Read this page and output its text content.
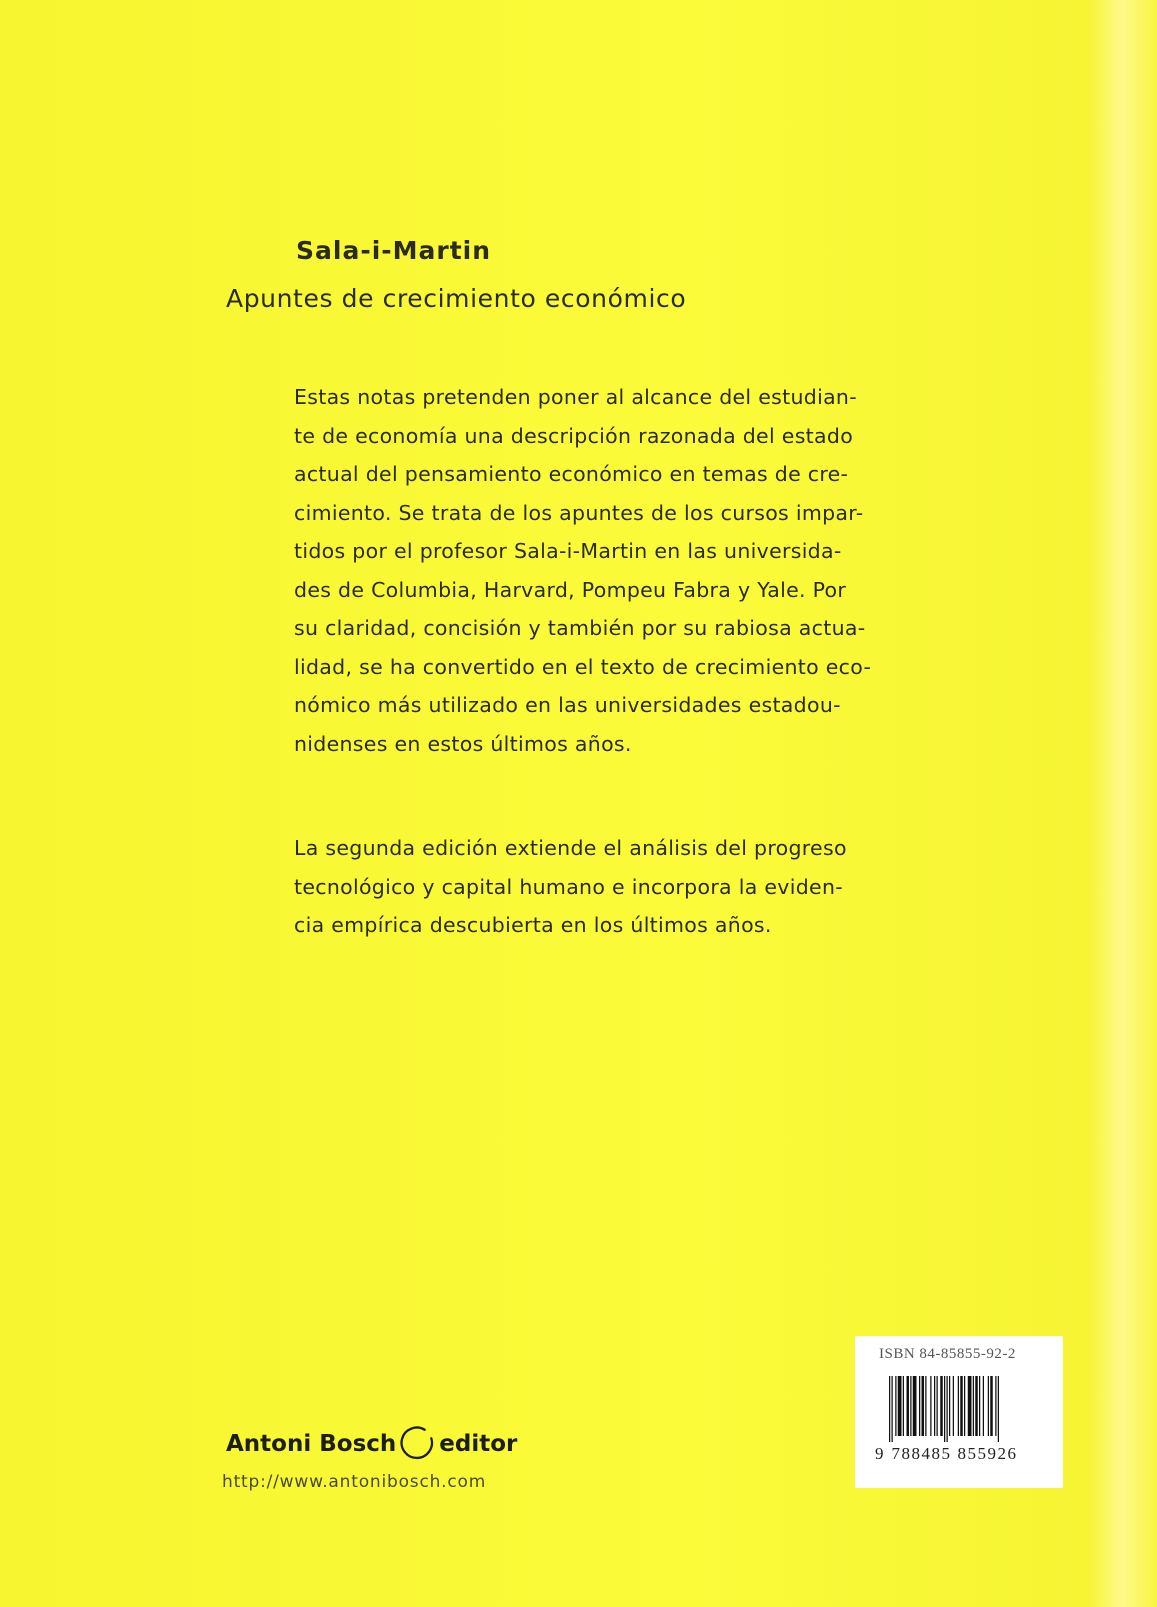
Sala-i-Martin
Apuntes de crecimiento económico
Estas notas pretenden poner al alcance del estudian-
te de economía una descripción razonada del estado
actual del pensamiento económico en temas de cre-
cimiento. Se trata de los apuntes de los cursos impar-
tidos por el profesor Sala-i-Martin en las universida-
des de Columbia, Harvard, Pompeu Fabra y Yale. Por
su claridad, concisión y también por su rabiosa actua-
lidad, se ha convertido en el texto de crecimiento eco-
nómico más utilizado en las universidades estadou-
nidenses en estos últimos años.
La segunda edición extiende el análisis del progreso
tecnológico y capital humano e incorpora la eviden-
cia empírica descubierta en los últimos años.
Antoni Bosch editor
http://www.antonibosch.com
ISBN 84-85855-92-2
9 788485 855926
